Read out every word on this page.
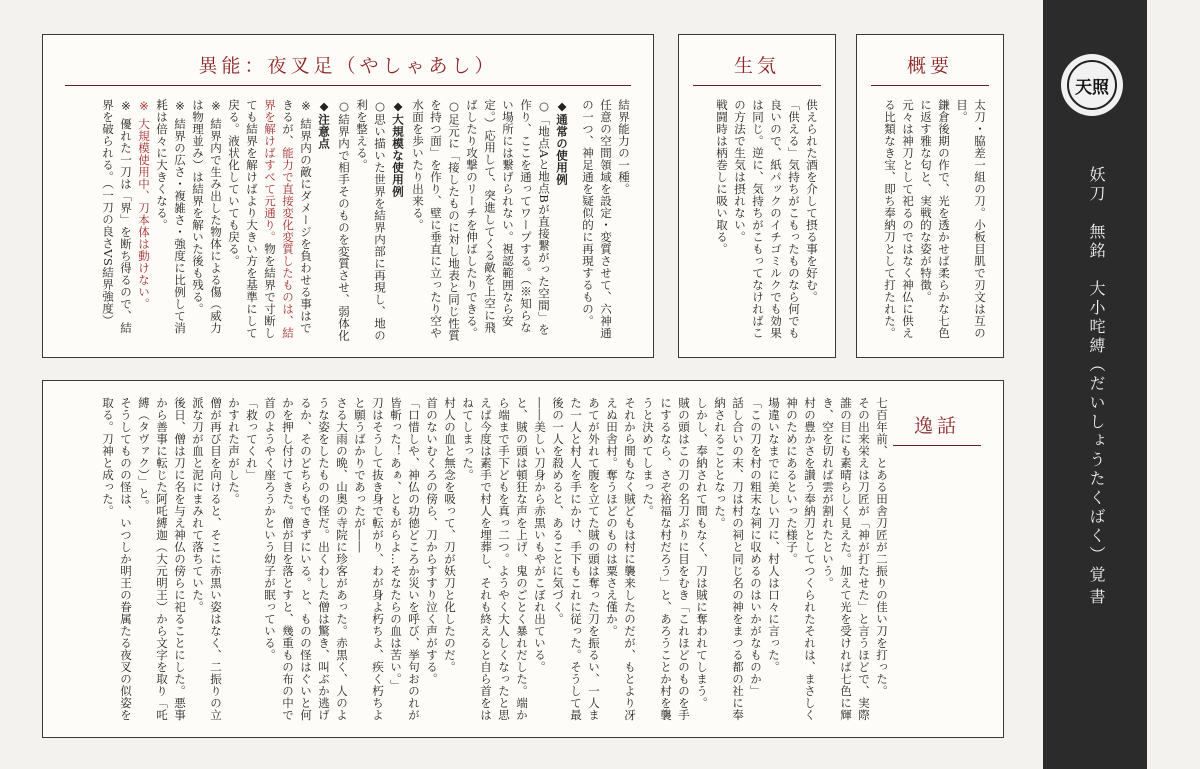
異能：夜叉足（やしゃあし）
結界能力の一種。
任意の空間領域を設定・変質させて、六神通の一つ、神足通を疑似的に再現するもの。
◆通常の使用例
○「地点Aと地点Bが直接繋がった空間」を作り、ここを通ってワープする。（※知らない場所には繋げられない。視認範囲なら安定。）応用して、突進してくる敵を上空に飛ばしたり攻撃のリーチを伸ばしたりできる。
○足元に「接したものに対し地表と同じ性質を持つ面」を作り、壁に垂直に立ったり空や水面を歩いたり出来る。
◆大規模な使用例
○思い描いた世界を結界内部に再現し、地の利を整える。
○結界内で相手そのものを変質させ、弱体化
◆注意点
※ 結界内の敵にダメージを負わせる事はできるが、能力で直接変化変質したものは、結界を解けばすべて元通り。物を結界で寸断しても結界を解けばより大きい方を基準にして戻る。液状化していても戻る。
※ 結界内で生み出した物体による傷（威力は物理並み）は結界を解いた後も残る。
※ 結界の広さ・複雑さ・強度に比例して消耗は倍々に大きくなる。
※ 大規模使用中、刀本体は動けない。
※ 優れた一刀は「界」を断ち得るので、結界を破られる。（一刀の良さVS結界強度）
生気
供えられた酒を介して摂る事を好む。
「供える」気持ちがこもったものなら何でも良いので、紙パックのイチゴミルクでも効果は同じ。逆に、気持ちがこもってなければこの方法で生気は摂れない。
戦闘時は柄巻しに吸い取る。
概要
太刀・脇差一組の刀。小板目肌で刃文は互の目。
鎌倉後期の作で、光を透かせば柔らかな七色に返す雅な匂と、実戦的な姿が特徴。
元々は神刀として祀るのではなく神仏に供える比類なき宝、即ち奉納刀として打たれた。
逸話
七百年前、とある田舎刀匠が二振りの佳い刀を打った。
その出来栄えは刀匠が「神が打たせた」と言うほどで、実際誰の目にも素晴らしく見えた。加えて光を受ければ七色に輝き、空を切れば雲が割れたという。
村の豊かさを讃う奉納刀としてつくられたそれは、まさしく神のためにあるといった様子。
場違いなまでに美しい刀に、村人は口々に言った。
「この刀を村の粗末な祠に収めるのはいかがなものか」
話し合いの末、刀は村の祠と同じ名の神をまつる都の社に奉納されることとなった。
しかし、奉納されて間もなく、刀は賊に奪われてしまう。
賊の頭はこの刀の名刀ぶりに目をむき「これほどのものを手にするなら、さぞ裕福な村だろう」と、あろうことか村を襲うと決めてしまった。
それから間もなく賊どもは村に襲来したのだが、もとより冴えぬ田舎村。奪うほどのものは粟さえ僅か。
あてが外れて腹を立てた賊の頭は奪った刀を振るい、一人また一人と村人を手にかけ、手下もこれに従った。そうして最後の一人を殺めると、あることに気づく。
――美しい刀身から赤黒いもやがこぼれ出ている。
と、賊の頭は頓狂な声を上げ、鬼のごとく暴れだした。端から端まで手下どもを真っ二つ。ようやく大人しくなったと思えば今度は素手で村人を埋葬し、それも終えると自ら首をはねてしまった。
村人の血と無念を吸って、刀が妖刀と化したのだ。
首のないむくろの傍ら、刀からすすり泣く声がする。
「口惜しや、神仏の功徳どころか災いを呼び、挙句おのれが皆斬った！あぁ、ともがらよ…そなたらの血は苦い。」
刀はそうして抜き身で転がり、わが身よ朽ちよ、疾く朽ちよと願うばかりであったが――
さる大雨の晩、山奥の寺院に珍客があった。赤黒く、人のような姿をしたものの怪だ。出くわした僧は驚き、叫ぶか逃げるか、そのどちらもできずにいる。と、ものの怪はぐいと何かを押し付けてきた。僧が目を落とすと、幾重もの布の中で首のようやく座ろうかという幼子が眠っている。
「救ってくれ」
かすれた声がした。
僧が再び目を向けると、そこに赤黒い姿はなく、二振りの立派な刀が血と泥にまみれて落ちていた。
後日、僧は刀に名を与え神仏の傍らに祀ることにした。悪事から善事に転じた阿吒縛迦（大元明王）から文字を取り「吒縛（タヴァク）」と。
そうしてものの怪は、いつしか明王の眷属たる夜叉の似姿を取る。刀神と成った。
天照
妖刀　無銘　大小咤縛（だいしょうたくばく）
覚書
